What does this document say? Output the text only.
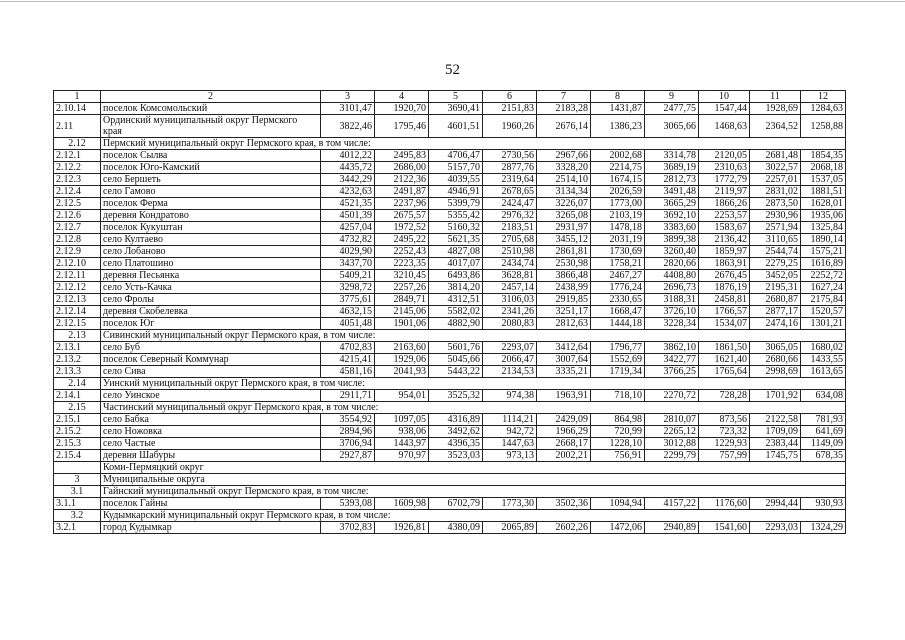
52
1	2	3	4	5	6	7	8	9	10	11	12
2.10.14	поселок Комсомольский	3101,47	1920,70	3690,41	2151,83	2183,28	1431,87	2477,75	1547,44	1928,69	1284,63
2.11	Ординский муниципальный округ Пермского края	3822,46	1795,46	4601,51	1960,26	2676,14	1386,23	3065,66	1468,63	2364,52	1258,88
2.12	Пермский муниципальный округ Пермского края, в том числе:										
2.12.1	поселок Сылва	4012,22	2495,83	4706,47	2730,56	2967,66	2002,68	3314,78	2120,05	2681,48	1854,35
2.12.2	поселок Юго-Камский	4435,72	2686,00	5157,70	2877,76	3328,20	2214,75	3689,19	2310,63	3022,57	2068,18
2.12.3	село Бершеть	3442,29	2122,36	4039,55	2319,64	2514,10	1674,15	2812,73	1772,79	2257,01	1537,05
2.12.4	село Гамово	4232,63	2491,87	4946,91	2678,65	3134,34	2026,59	3491,48	2119,97	2831,02	1881,51
2.12.5	поселок Ферма	4521,35	2237,96	5399,79	2424,47	3226,07	1773,00	3665,29	1866,26	2873,50	1628,01
2.12.6	деревня Кондратово	4501,39	2675,57	5355,42	2976,32	3265,08	2103,19	3692,10	2253,57	2930,96	1935,06
2.12.7	поселок Кукуштан	4257,04	1972,52	5160,32	2183,51	2931,97	1478,18	3383,60	1583,67	2571,94	1325,84
2.12.8	село Култаево	4732,82	2495,22	5621,35	2705,68	3455,12	2031,19	3899,38	2136,42	3110,65	1890,14
2.12.9	село Лобаново	4029,90	2252,43	4827,08	2510,98	2861,81	1730,69	3260,40	1859,97	2544,74	1575,21
2.12.10	село Платошино	3437,70	2223,35	4017,07	2434,74	2530,98	1758,21	2820,66	1863,91	2279,25	1616,89
2.12.11	деревня Песьянка	5409,21	3210,45	6493,86	3628,81	3866,48	2467,27	4408,80	2676,45	3452,05	2252,72
2.12.12	село Усть-Качка	3298,72	2257,26	3814,20	2457,14	2438,99	1776,24	2696,73	1876,19	2195,31	1627,24
2.12.13	село Фролы	3775,61	2849,71	4312,51	3106,03	2919,85	2330,65	3188,31	2458,81	2680,87	2175,84
2.12.14	деревня Скобелевка	4632,15	2145,06	5582,02	2341,26	3251,17	1668,47	3726,10	1766,57	2877,17	1520,57
2.12.15	поселок Юг	4051,48	1901,06	4882,90	2080,83	2812,63	1444,18	3228,34	1534,07	2474,16	1301,21
2.13	Сивинский муниципальный округ Пермского края, в том числе:										
2.13.1	село Буб	4702,83	2163,60	5601,76	2293,07	3412,64	1796,77	3862,10	1861,50	3065,05	1680,02
2.13.2	поселок Северный Коммунар	4215,41	1929,06	5045,66	2066,47	3007,64	1552,69	3422,77	1621,40	2680,66	1433,55
2.13.3	село Сива	4581,16	2041,93	5443,22	2134,53	3335,21	1719,34	3766,25	1765,64	2998,69	1613,65
2.14	Уинский муниципальный округ Пермского края, в том числе:										
2.14.1	село Уинское	2911,71	954,01	3525,32	974,38	1963,91	718,10	2270,72	728,28	1701,92	634,08
2.15	Частинский муниципальный округ Пермского края, в том числе:										
2.15.1	село Бабка	3554,92	1097,05	4316,89	1114,21	2429,09	864,98	2810,07	873,56	2122,58	781,93
2.15.2	село Ножовка	2894,96	938,06	3492,62	942,72	1966,29	720,99	2265,12	723,32	1709,09	641,69
2.15.3	село Частые	3706,94	1443,97	4396,35	1447,63	2668,17	1228,10	3012,88	1229,93	2383,44	1149,09
2.15.4	деревня Шабуры	2927,87	970,97	3523,03	973,13	2002,21	756,91	2299,79	757,99	1745,75	678,35
	Коми-Пермяцкий округ										
3	Муниципальные округа										
3.1	Гайнский муниципальный округ Пермского края, в том числе:										
3.1.1	поселок Гайны	5393,08	1609,98	6702,79	1773,30	3502,36	1094,94	4157,22	1176,60	2994,44	930,93
3.2	Кудымкарский муниципальный округ Пермского края, в том числе:										
3.2.1	город Кудымкар	3702,83	1926,81	4380,09	2065,89	2602,26	1472,06	2940,89	1541,60	2293,03	1324,29
